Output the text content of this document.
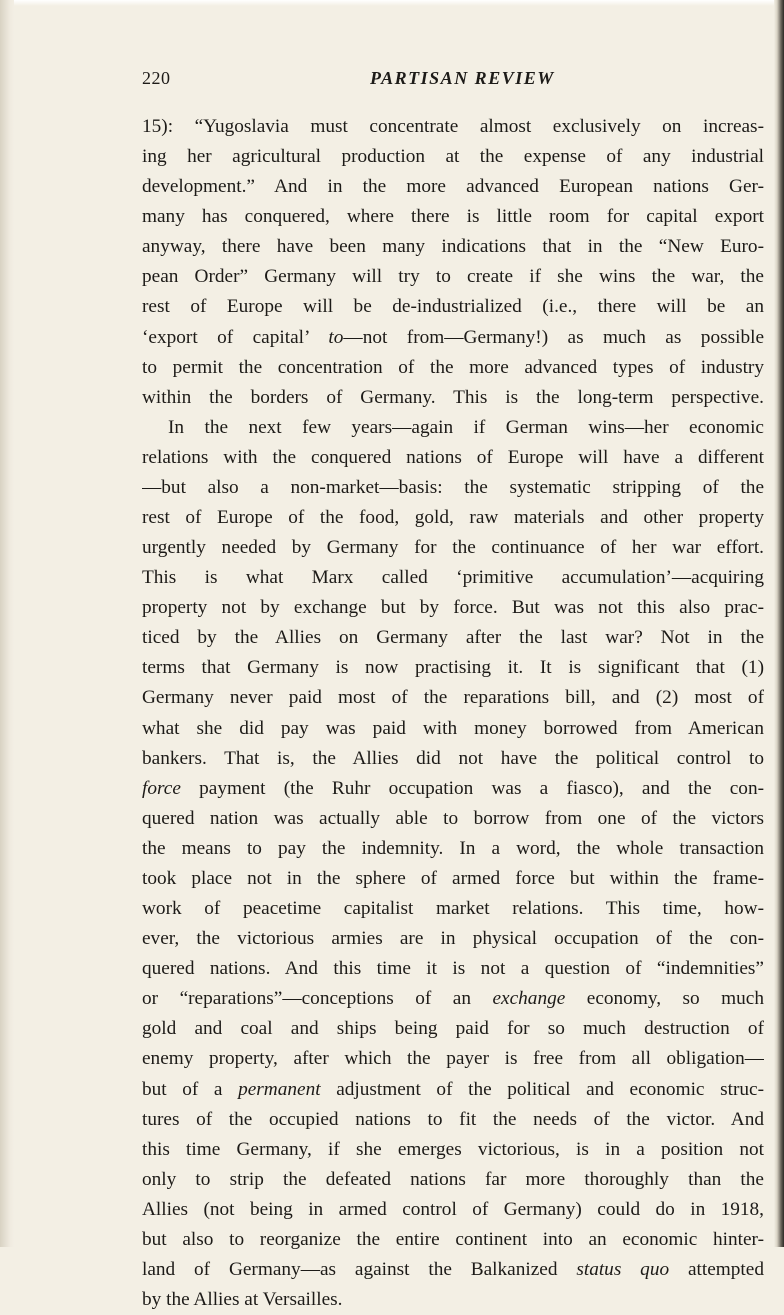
220	PARTISAN REVIEW
15): “Yugoslavia must concentrate almost exclusively on increas-
ing her agricultural production at the expense of any industrial
development.” And in the more advanced European nations Ger-
many has conquered, where there is little room for capital export
anyway, there have been many indications that in the “New Euro-
pean Order” Germany will try to create if she wins the war, the
rest of Europe will be de-industrialized (i.e., there will be an
‘export of capital’ to—not from—Germany!) as much as possible
to permit the concentration of the more advanced types of industry
within the borders of Germany. This is the long-term perspective.
In the next few years—again if German wins—her economic
relations with the conquered nations of Europe will have a different
—but also a non-market—basis: the systematic stripping of the
rest of Europe of the food, gold, raw materials and other property
urgently needed by Germany for the continuance of her war effort.
This is what Marx called ‘primitive accumulation’—acquiring
property not by exchange but by force. But was not this also prac-
ticed by the Allies on Germany after the last war? Not in the
terms that Germany is now practising it. It is significant that (1)
Germany never paid most of the reparations bill, and (2) most of
what she did pay was paid with money borrowed from American
bankers. That is, the Allies did not have the political control to
force payment (the Ruhr occupation was a fiasco), and the con-
quered nation was actually able to borrow from one of the victors
the means to pay the indemnity. In a word, the whole transaction
took place not in the sphere of armed force but within the frame-
work of peacetime capitalist market relations. This time, how-
ever, the victorious armies are in physical occupation of the con-
quered nations. And this time it is not a question of “indemnities”
or “reparations”—conceptions of an exchange economy, so much
gold and coal and ships being paid for so much destruction of
enemy property, after which the payer is free from all obligation—
but of a permanent adjustment of the political and economic struc-
tures of the occupied nations to fit the needs of the victor. And
this time Germany, if she emerges victorious, is in a position not
only to strip the defeated nations far more thoroughly than the
Allies (not being in armed control of Germany) could do in 1918,
but also to reorganize the entire continent into an economic hinter-
land of Germany—as against the Balkanized status quo attempted
by the Allies at Versailles.
